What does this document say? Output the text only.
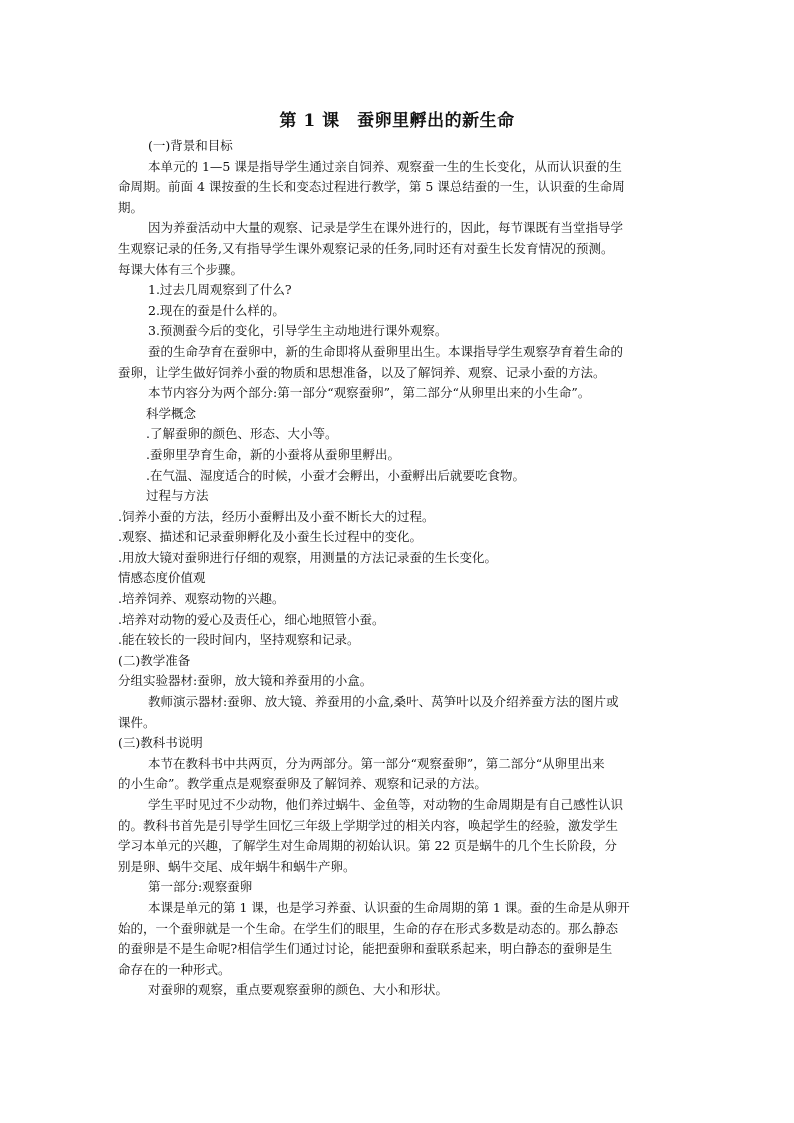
第 1 课　蚕卵里孵出的新生命
(一)背景和目标
本单元的 1—5 课是指导学生通过亲自饲养、观察蚕一生的生长变化，从而认识蚕的生
命周期。前面 4 课按蚕的生长和变态过程进行教学，第 5 课总结蚕的一生，认识蚕的生命周
期。
因为养蚕活动中大量的观察、记录是学生在课外进行的，因此，每节课既有当堂指导学
生观察记录的任务,又有指导学生课外观察记录的任务,同时还有对蚕生长发育情况的预测。
每课大体有三个步骤。
1.过去几周观察到了什么?
2.现在的蚕是什么样的。
3.预测蚕今后的变化，引导学生主动地进行课外观察。
蚕的生命孕育在蚕卵中，新的生命即将从蚕卵里出生。本课指导学生观察孕育着生命的
蚕卵，让学生做好饲养小蚕的物质和思想准备，以及了解饲养、观察、记录小蚕的方法。
本节内容分为两个部分:第一部分“观察蚕卵”，第二部分“从卵里出来的小生命”。
科学概念
.了解蚕卵的颜色、形态、大小等。
.蚕卵里孕育生命，新的小蚕将从蚕卵里孵出。
.在气温、湿度适合的时候，小蚕才会孵出，小蚕孵出后就要吃食物。
过程与方法
.饲养小蚕的方法，经历小蚕孵出及小蚕不断长大的过程。
.观察、描述和记录蚕卵孵化及小蚕生长过程中的变化。
.用放大镜对蚕卵进行仔细的观察，用测量的方法记录蚕的生长变化。
情感态度价值观
.培养饲养、观察动物的兴趣。
.培养对动物的爱心及责任心，细心地照管小蚕。
.能在较长的一段时间内，坚持观察和记录。
(二)教学准备
分组实验器材:蚕卵，放大镜和养蚕用的小盒。
教师演示器材:蚕卵、放大镜、养蚕用的小盒,桑叶、莴笋叶以及介绍养蚕方法的图片或
课件。
(三)教科书说明
本节在教科书中共两页，分为两部分。第一部分“观察蚕卵”，第二部分“从卵里出来
的小生命”。教学重点是观察蚕卵及了解饲养、观察和记录的方法。
学生平时见过不少动物，他们养过蜗牛、金鱼等，对动物的生命周期是有自己感性认识
的。教科书首先是引导学生回忆三年级上学期学过的相关内容，唤起学生的经验，激发学生
学习本单元的兴趣，了解学生对生命周期的初始认识。第 22 页是蜗牛的几个生长阶段，分
别是卵、蜗牛交尾、成年蜗牛和蜗牛产卵。
第一部分:观察蚕卵
本课是单元的第 1 课，也是学习养蚕、认识蚕的生命周期的第 1 课。蚕的生命是从卵开
始的，一个蚕卵就是一个生命。在学生们的眼里，生命的存在形式多数是动态的。那么静态
的蚕卵是不是生命呢?相信学生们通过讨论，能把蚕卵和蚕联系起来，明白静态的蚕卵是生
命存在的一种形式。
对蚕卵的观察，重点要观察蚕卵的颜色、大小和形状。
